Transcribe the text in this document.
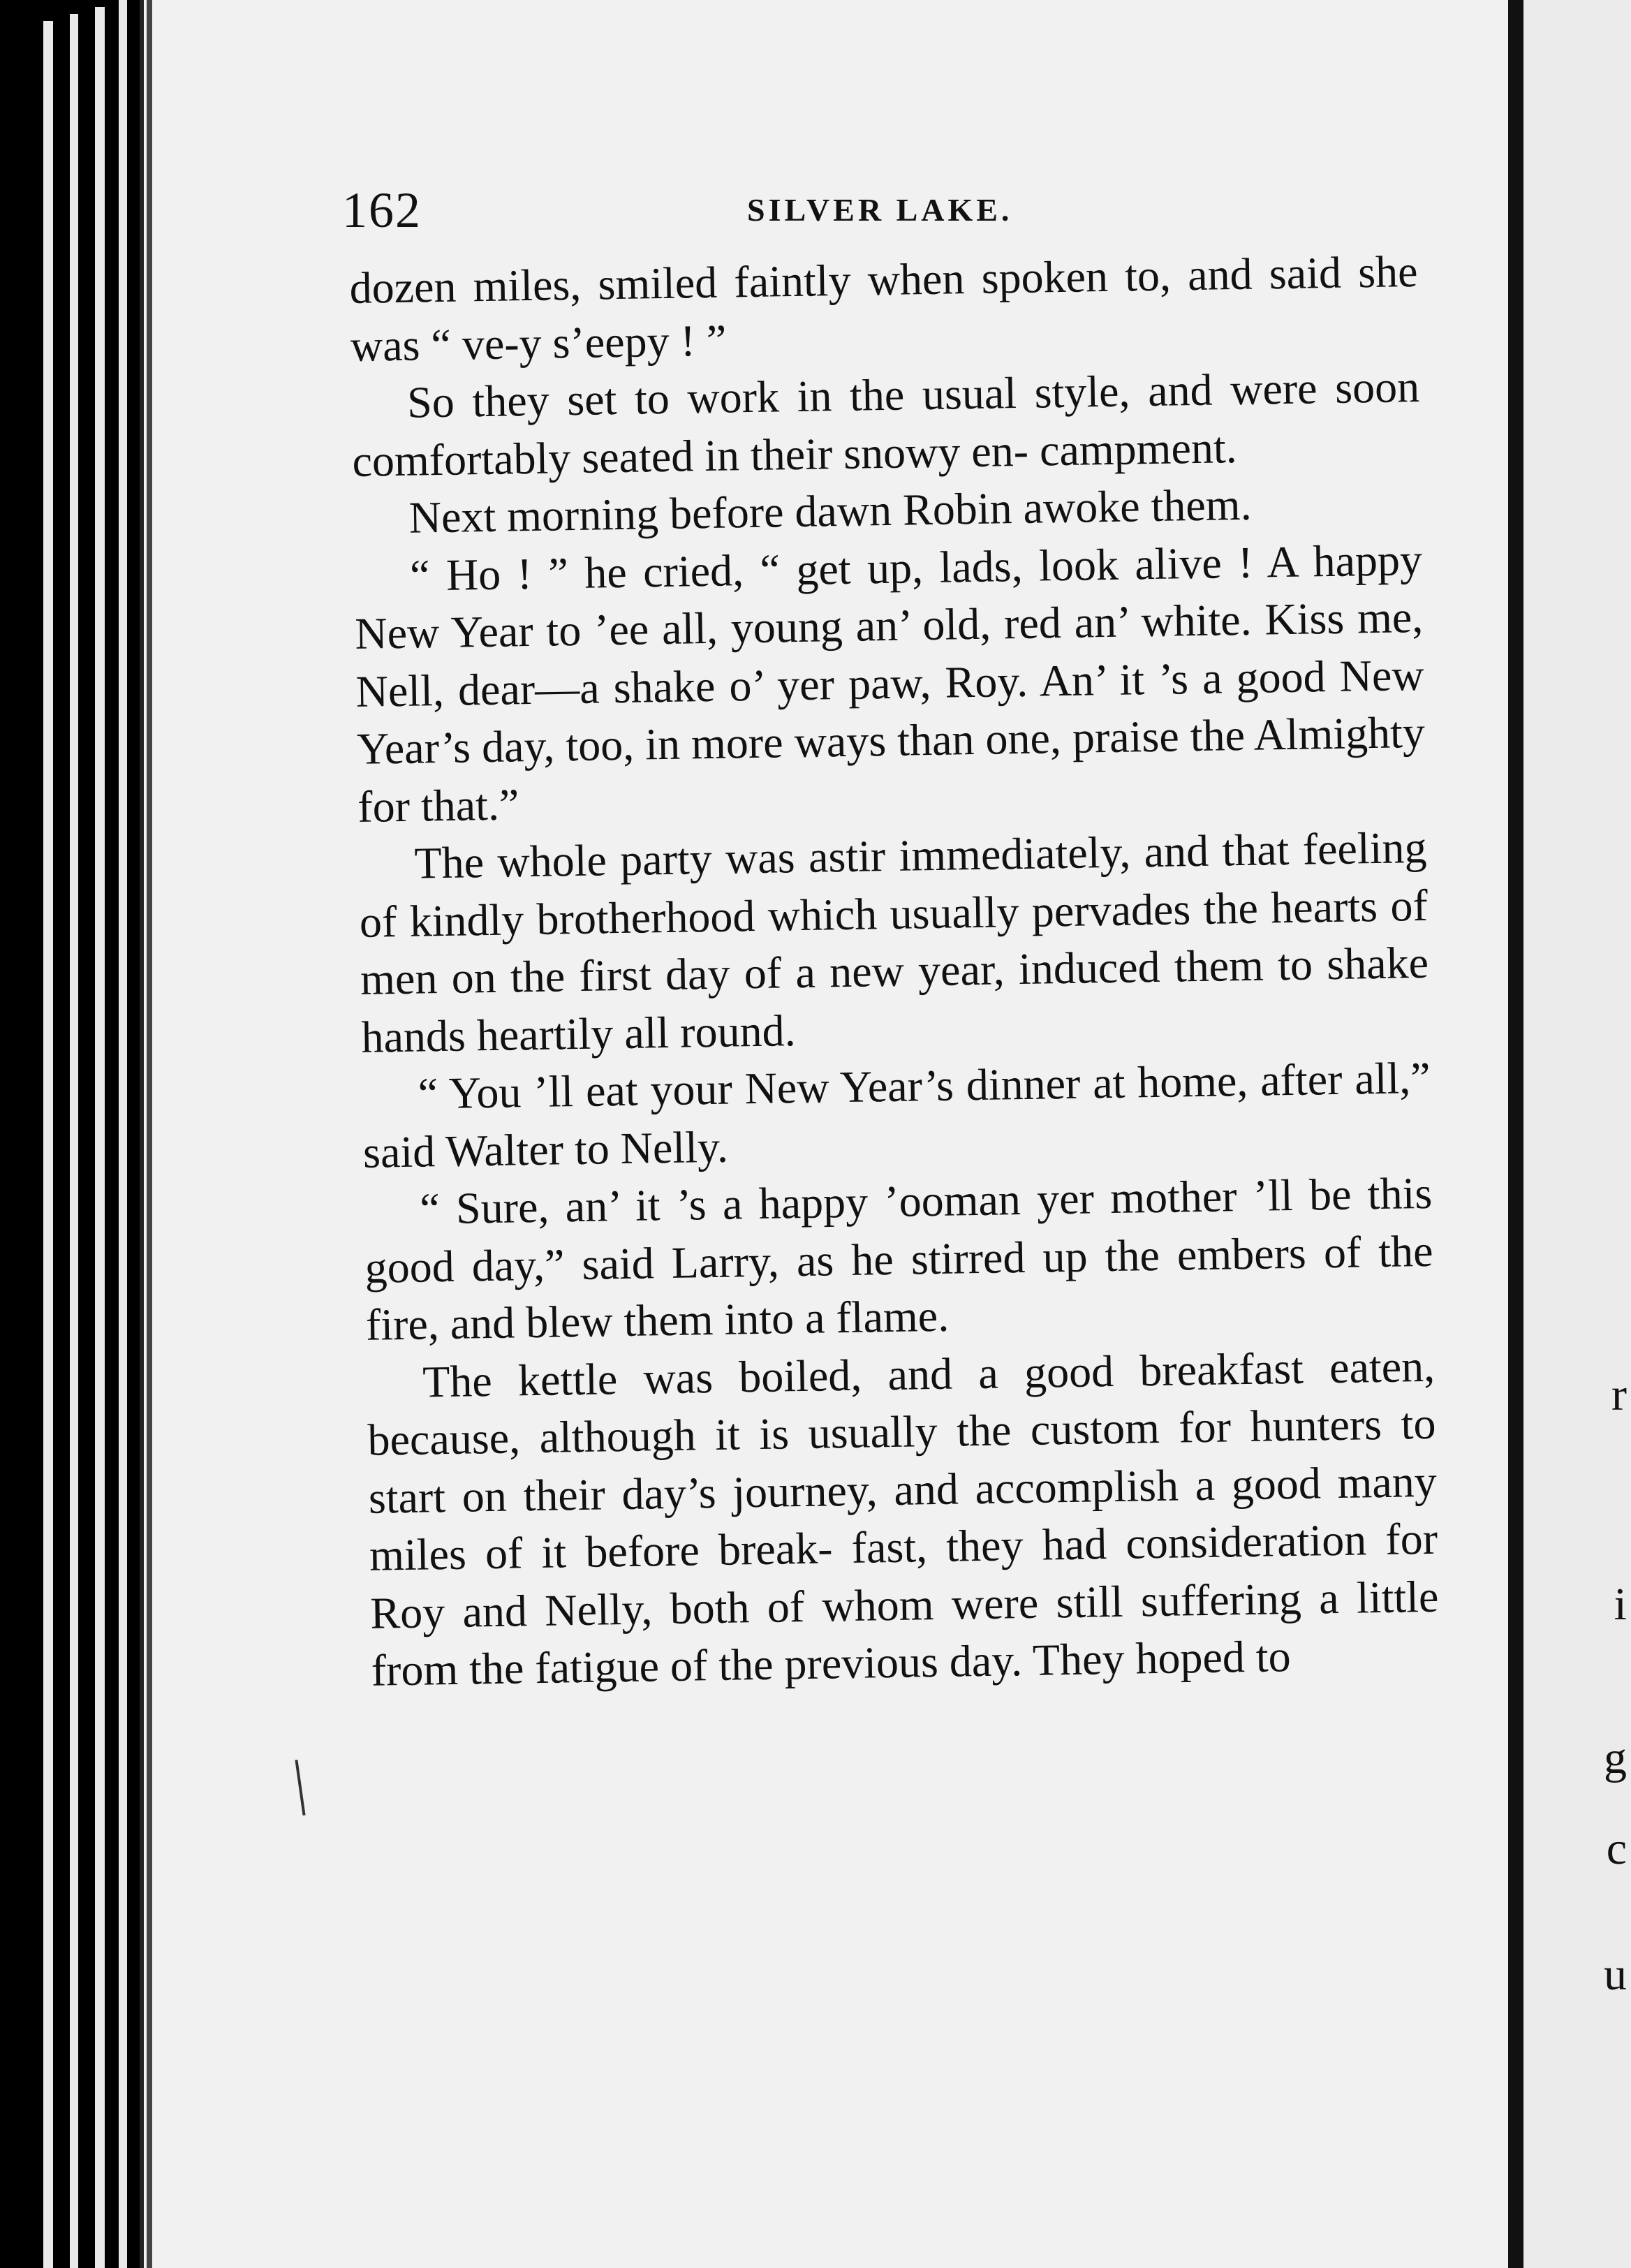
162	SILVER LAKE.

dozen miles, smiled faintly when spoken to, and said she was “ ve-y s’eepy ! ”

So they set to work in the usual style, and were soon comfortably seated in their snowy en- campment.

Next morning before dawn Robin awoke them.

“ Ho ! ” he cried, “ get up, lads, look alive ! A happy New Year to ’ee all, young an’ old, red an’ white. Kiss me, Nell, dear—a shake o’ yer paw, Roy. An’ it ’s a good New Year’s day, too, in more ways than one, praise the Almighty for that.”

The whole party was astir immediately, and that feeling of kindly brotherhood which usually pervades the hearts of men on the first day of a new year, induced them to shake hands heartily all round.

“ You ’ll eat your New Year’s dinner at home, after all,” said Walter to Nelly.

“ Sure, an’ it ’s a happy ’ooman yer mother ’ll be this good day,” said Larry, as he stirred up the embers of the fire, and blew them into a flame.

The kettle was boiled, and a good breakfast eaten, because, although it is usually the custom for hunters to start on their day’s journey, and accomplish a good many miles of it before break- fast, they had consideration for Roy and Nelly, both of whom were still suffering a little from the fatigue of the previous day. They hoped to

r
i
g
c
u
